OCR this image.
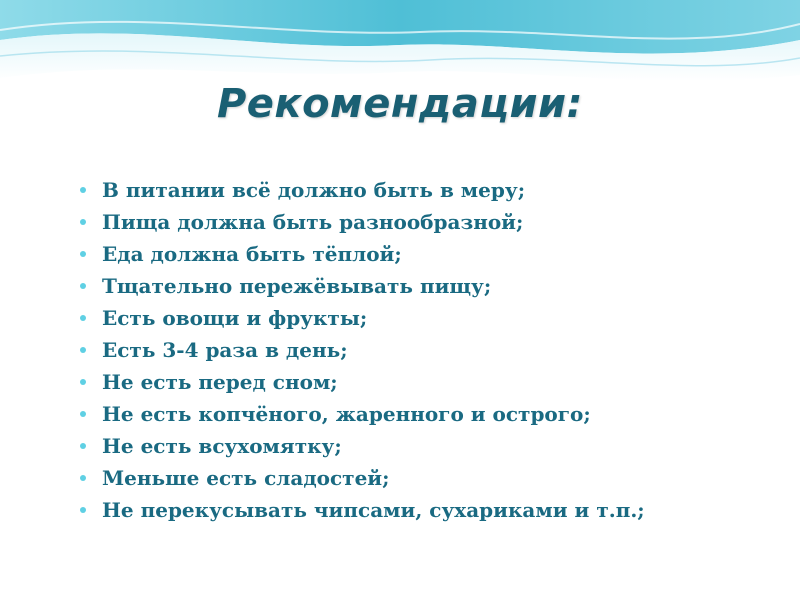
Рекомендации:
В питании всё должно быть в меру;
Пища должна быть разнообразной;
Еда должна быть тёплой;
Тщательно пережёвывать пищу;
Есть овощи и фрукты;
Есть 3-4 раза в день;
Не есть перед сном;
Не есть копчёного, жаренного и острого;
Не есть всухомятку;
Меньше есть сладостей;
Не перекусывать чипсами, сухариками и т.п.;
